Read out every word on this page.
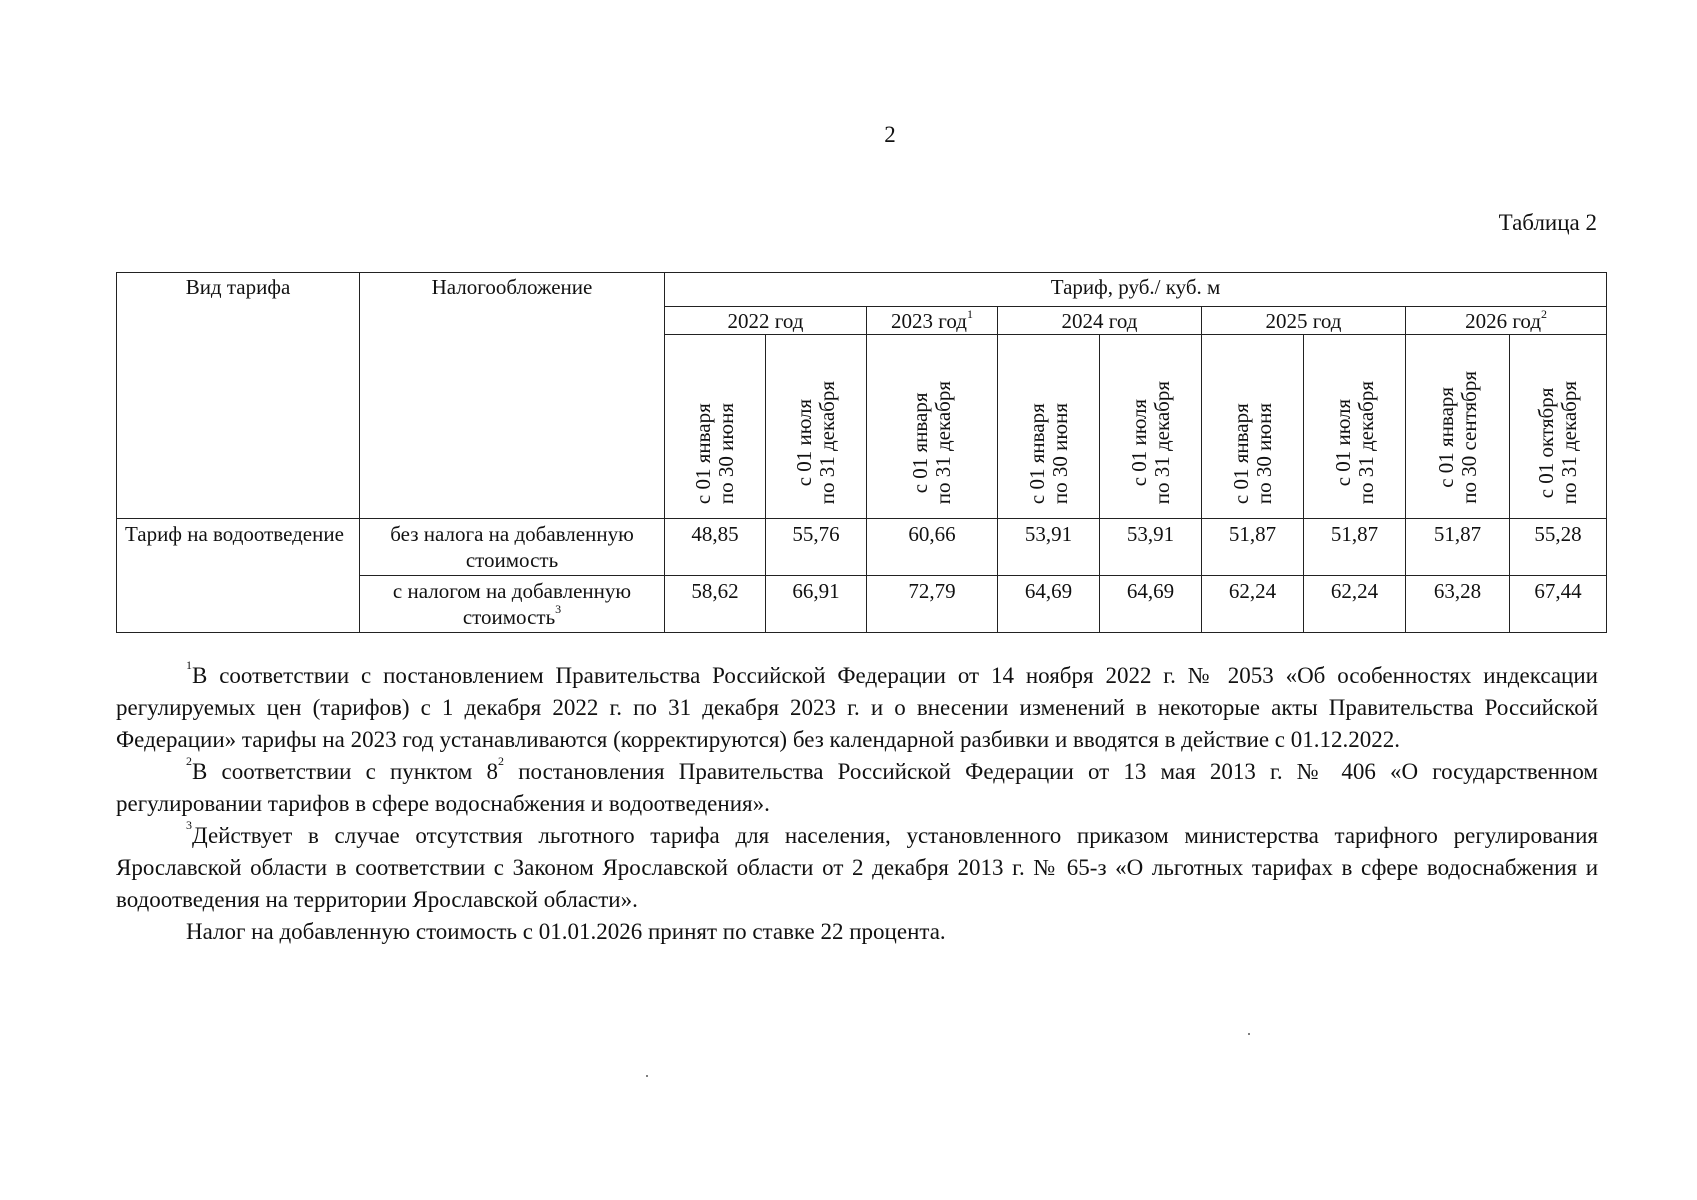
2
Таблица 2
Вид тарифа	Налогообложение	Тариф, руб./ куб. м								
		2022 год		2023 год$^1$	2024 год		2025 год		2026 год$^2$

		с 01 января по 30 июня	с 01 июля по 31 декабря	с 01 января по 31 декабря	с 01 января по 30 июня	с 01 июля по 31 декабря	с 01 января по 30 июня	с 01 июля по 31 декабря	с 01 января по 30 сентября	с 01 октября по 31 декабря

Тариф на водоотведение	без налога на добавленную стоимость	48,85	55,76	60,66	53,91	53,91	51,87	51,87	51,87	55,28
	с налогом на добавленную стоимость$^3$	58,62	66,91	72,79	64,69	64,69	62,24	62,24	63,28	67,44

$^1$В соответствии с постановлением Правительства Российской Федерации от 14 ноября 2022 г. № 2053 «Об особенностях индексации регулируемых цен (тарифов) с 1 декабря 2022 г. по 31 декабря 2023 г. и о внесении изменений в некоторые акты Правительства Российской Федерации» тарифы на 2023 год устанавливаются (корректируются) без календарной разбивки и вводятся в действие с 01.12.2022.

$^2$В соответствии с пунктом $8^2$ постановления Правительства Российской Федерации от 13 мая 2013 г. № 406 «О государственном регулировании тарифов в сфере водоснабжения и водоотведения».

$^3$Действует в случае отсутствия льготного тарифа для населения, установленного приказом министерства тарифного регулирования Ярославской области в соответствии с Законом Ярославской области от 2 декабря 2013 г. № 65-з «О льготных тарифах в сфере водоснабжения и водоотведения на территории Ярославской области».

Налог на добавленную стоимость с 01.01.2026 принят по ставке 22 процента.
